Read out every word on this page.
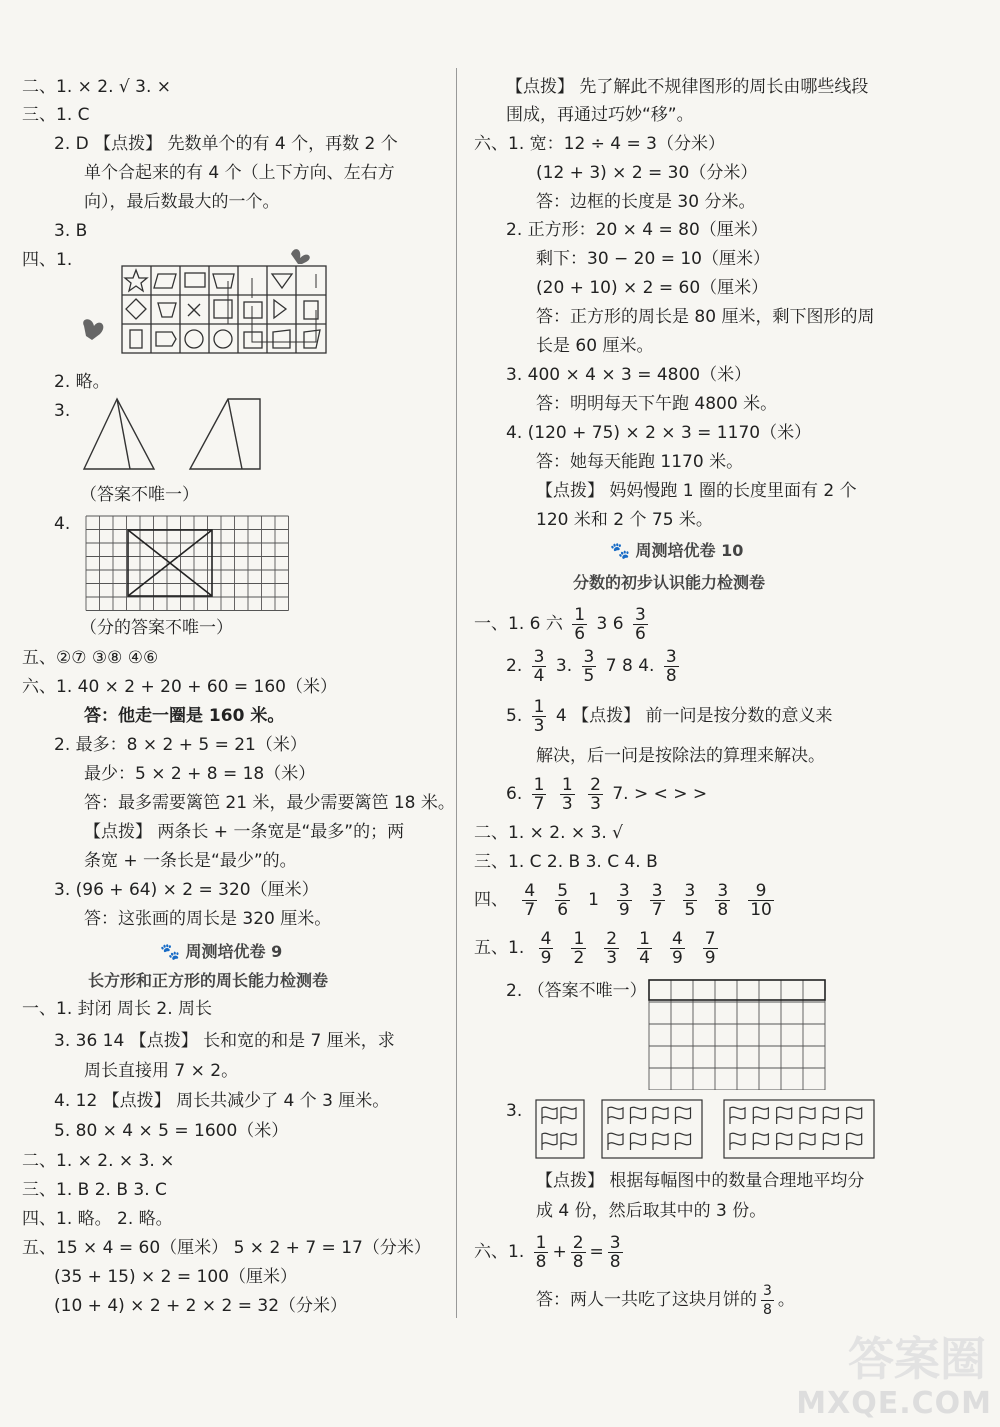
二、1. × 2. √ 3. ×
三、1. C
2. D 【点拨】 先数单个的有 4 个，再数 2 个
单个合起来的有 4 个（上下方向、左右方
向），最后数最大的一个。
3. B
四、1.
2. 略。
3.
（答案不唯一）
4.
（分的答案不唯一）
五、②⑦ ③⑧ ④⑥
六、1. 40 × 2 + 20 + 60 = 160（米）
答：他走一圈是 160 米。
2. 最多：8 × 2 + 5 = 21（米）
最少：5 × 2 + 8 = 18（米）
答：最多需要篱笆 21 米，最少需要篱笆 18 米。
【点拨】 两条长 + 一条宽是“最多”的；两
条宽 + 一条长是“最少”的。
3. (96 + 64) × 2 = 320（厘米）
答：这张画的周长是 320 厘米。
🐾 周测培优卷 9
长方形和正方形的周长能力检测卷
一、1. 封闭 周长 2. 周长
3. 36 14 【点拨】 长和宽的和是 7 厘米，求
周长直接用 7 × 2。
4. 12 【点拨】 周长共减少了 4 个 3 厘米。
5. 80 × 4 × 5 = 1600（米）
二、1. × 2. × 3. ×
三、1. B 2. B 3. C
四、1. 略。 2. 略。
五、15 × 4 = 60（厘米） 5 × 2 + 7 = 17（分米）
(35 + 15) × 2 = 100（厘米）
(10 + 4) × 2 + 2 × 2 = 32（分米）
【点拨】 先了解此不规律图形的周长由哪些线段
围成，再通过巧妙“移”。
六、1. 宽：12 ÷ 4 = 3（分米）
(12 + 3) × 2 = 30（分米）
答：边框的长度是 30 分米。
2. 正方形：20 × 4 = 80（厘米）
剩下：30 − 20 = 10（厘米）
(20 + 10) × 2 = 60（厘米）
答：正方形的周长是 80 厘米，剩下图形的周
长是 60 厘米。
3. 400 × 4 × 3 = 4800（米）
答：明明每天下午跑 4800 米。
4. (120 + 75) × 2 × 3 = 1170（米）
答：她每天能跑 1170 米。
【点拨】 妈妈慢跑 1 圈的长度里面有 2 个
120 米和 2 个 75 米。
🐾 周测培优卷 10
分数的初步认识能力检测卷
一、1. 6 六 $\frac{1}{6} 3$ $6 \frac{3}{6}$
2. $\frac{3}{4} 3$. $\frac{3}{5} 7$ 8 4. $\frac{3}{8}$
5. $\frac{1}{3} 4$ 【点拨】 前一问是按分数的意义来
解决，后一问是按除法的算理来解决。
6. $\frac{1}{7}$
$\frac{1}{3}$
$\frac{2}{3} 7$. > < > >
二、1. × 2. × 3. √
三、1. C 2. B 3. C 4. B
四、 $\frac{4}{7} \frac{5}{6} 1 \frac{3}{9} \frac{3}{7} \frac{3}{5} \frac{3}{8} \frac{9}{10}$
五、1. $\frac{4}{9} \frac{1}{2} \frac{2}{3} \frac{1}{4} \frac{4}{9} \frac{7}{9}$
2. （答案不唯一）
3.
【点拨】 根据每幅图中的数量合理地平均分
成 4 份，然后取其中的 3 份。
六、1. $\frac{1}{8} + \frac{2}{8} = \frac{3}{8}$
答：两人一共吃了这块月饼的 $\frac{3}{8}$ 。
答案圈
MXQE.COM
